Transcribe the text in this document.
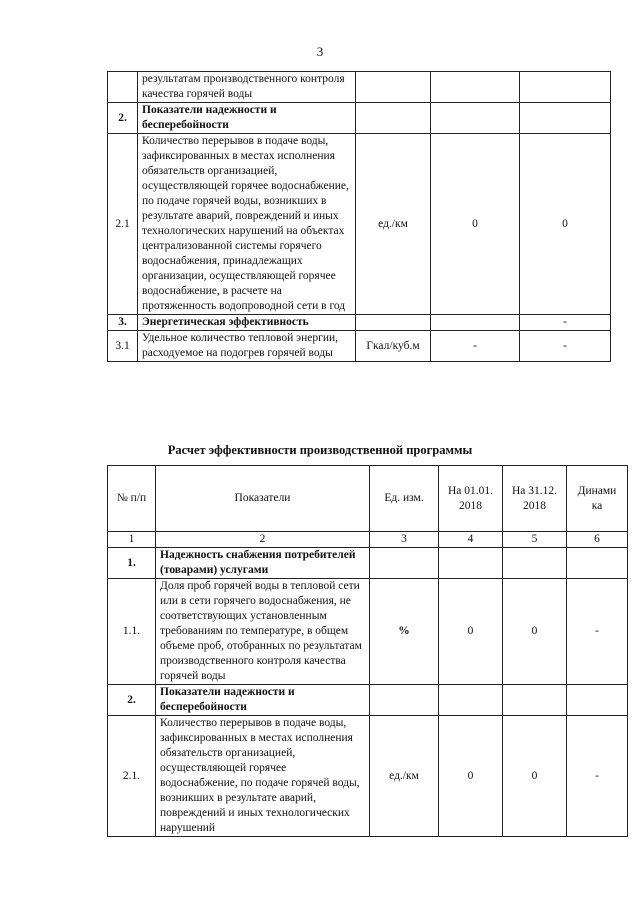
3
	результатам производственного контроля качества горячей воды			
2.	Показатели надежности и бесперебойности			
2.1	Количество перерывов в подаче воды, зафиксированных в местах исполнения обязательств организацией, осуществляющей горячее водоснабжение, по подаче горячей воды, возникших в результате аварий, повреждений и иных технологических нарушений на объектах централизованной системы горячего водоснабжения, принадлежащих организации, осуществляющей горячее водоснабжение, в расчете на протяженность водопроводной сети в год	ед./км	0	0
3.	Энергетическая эффективность			-
3.1	Удельное количество тепловой энергии, расходуемое на подогрев горячей воды	Гкал/куб.м	-	-
Расчет эффективности производственной программы
№ п/п	Показатели	Ед. изм.	На 01.01. 2018	На 31.12. 2018	Динами ка
1	2	3	4	5	6
1.	Надежность снабжения потребителей (товарами) услугами				
1.1.	Доля проб горячей воды в тепловой сети или в сети горячего водоснабжения, не соответствующих установленным требованиям по температуре, в общем объеме проб, отобранных по результатам производственного контроля качества горячей воды	%	0	0	-
2.	Показатели надежности и бесперебойности				
2.1.	Количество перерывов в подаче воды, зафиксированных в местах исполнения обязательств организацией, осуществляющей горячее водоснабжение, по подаче горячей воды, возникших в результате аварий, повреждений и иных технологических нарушений	ед./км	0	0	-
